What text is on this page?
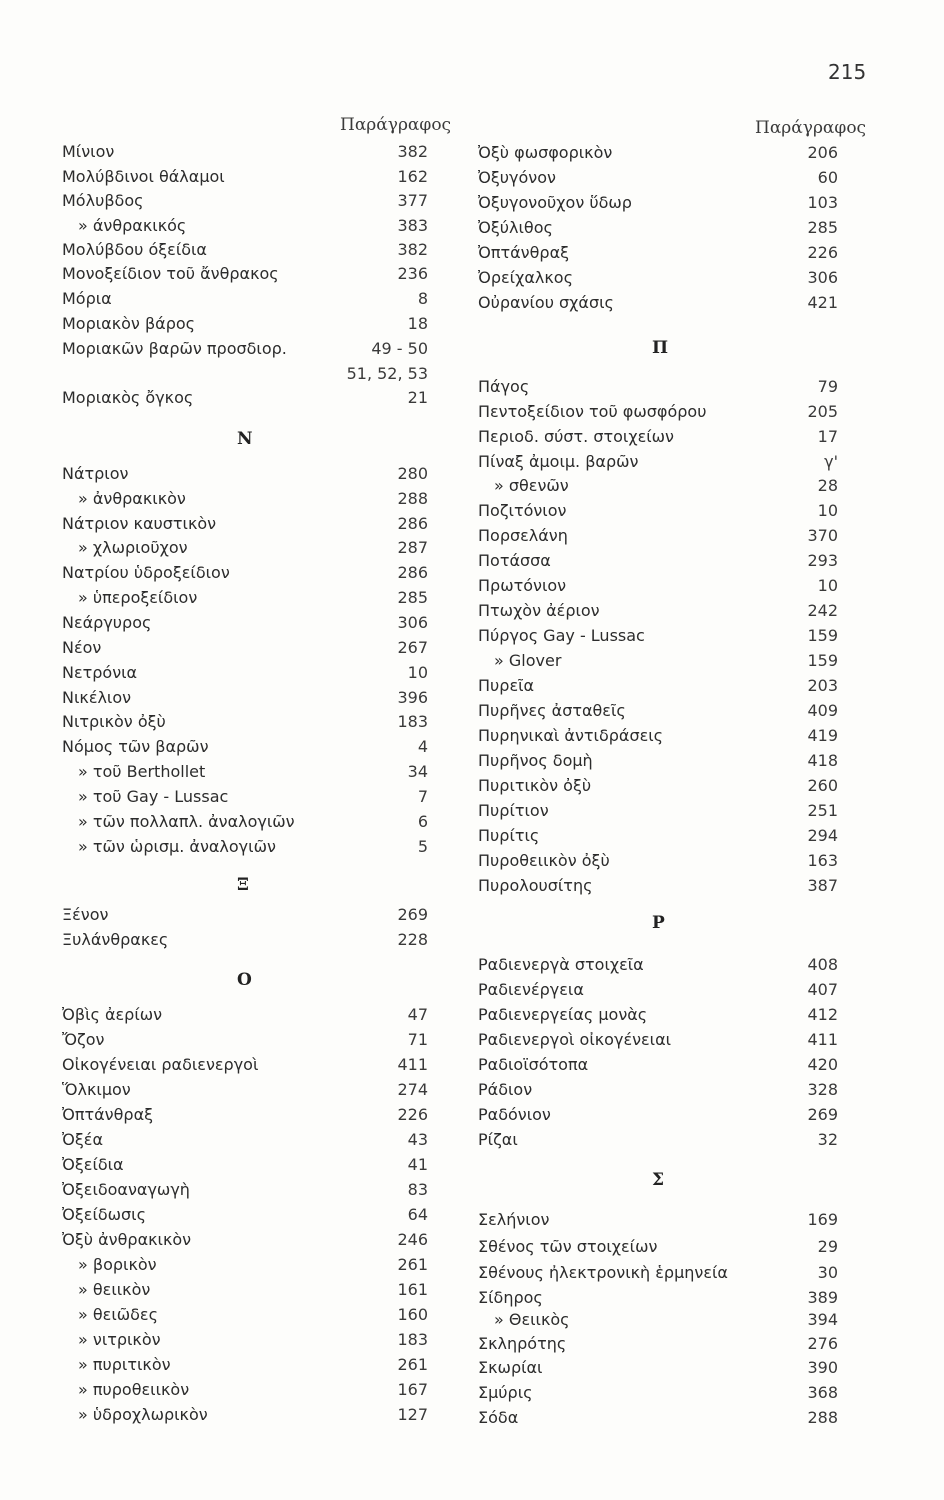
215
Παράγραφος	Παράγραφος
Μίνιον	382
Μολύβδινοι θάλαμοι	162
Μόλυβδος	377
» άνθρακικός	383
Μολύβδου όξείδια	382
Μονοξείδιον τοῦ ἄνθρακος	236
Μόρια	8
Μοριακὸν βάρος	18
Μοριακῶν βαρῶν προσδιορ.	49 - 50
51, 52, 53
Μοριακὸς ὄγκος	21
Ν
Νάτριον	280
» ἀνθρακικὸν	288
Νάτριον καυστικὸν	286
» χλωριοῦχον	287
Νατρίου ὑδροξείδιον	286
» ὑπεροξείδιον	285
Νεάργυρος	306
Νέον	267
Νετρόνια	10
Νικέλιον	396
Νιτρικὸν ὀξὺ	183
Νόμος τῶν βαρῶν	4
» τοῦ Berthollet	34
» τοῦ Gay - Lussac	7
» τῶν πολλαπλ. ἀναλογιῶν	6
» τῶν ὡρισμ. ἀναλογιῶν	5
Ξ
Ξένον	269
Ξυλάνθρακες	228
Ο
Ὀβὶς ἀερίων	47
Ὄζον	71
Οἰκογένειαι ραδιενεργοὶ	411
Ὅλκιμον	274
Ὀπτάνθραξ	226
Ὀξέα	43
Ὀξείδια	41
Ὀξειδοαναγωγὴ	83
Ὀξείδωσις	64
Ὀξὺ ἀνθρακικὸν	246
» βορικὸν	261
» θειικὸν	161
» θειῶδες	160
» νιτρικὸν	183
» πυριτικὸν	261
» πυροθειικὸν	167
» ὑδροχλωρικὸν	127
Ὀξὺ φωσφορικὸν	206
Ὀξυγόνον	60
Ὀξυγονοῦχον ὕδωρ	103
Ὀξύλιθος	285
Ὀπτάνθραξ	226
Ὀρείχαλκος	306
Οὐρανίου σχάσις	421
Π
Πάγος	79
Πεντοξείδιον τοῦ φωσφόρου	205
Περιοδ. σύστ. στοιχείων	17
Πίναξ ἀμοιμ. βαρῶν	γ'
» σθενῶν	28
Ποζιτόνιον	10
Πορσελάνη	370
Ποτάσσα	293
Πρωτόνιον	10
Πτωχὸν ἀέριον	242
Πύργος Gay - Lussac	159
» Glover	159
Πυρεῖα	203
Πυρῆνες ἀσταθεῖς	409
Πυρηνικαὶ ἀντιδράσεις	419
Πυρῆνος δομὴ	418
Πυριτικὸν ὀξὺ	260
Πυρίτιον	251
Πυρίτις	294
Πυροθειικὸν ὀξὺ	163
Πυρολουσίτης	387
Ρ
Ραδιενεργὰ στοιχεῖα	408
Ραδιενέργεια	407
Ραδιενεργείας μονὰς	412
Ραδιενεργοὶ οἰκογένειαι	411
Ραδιοϊσότοπα	420
Ράδιον	328
Ραδόνιον	269
Ρίζαι	32
Σ
Σελήνιον	169
Σθένος τῶν στοιχείων	29
Σθένους ἠλεκτρονικὴ ἑρμηνεία	30
Σίδηρος	389
» Θειικὸς	394
Σκληρότης	276
Σκωρίαι	390
Σμύρις	368
Σόδα	288
